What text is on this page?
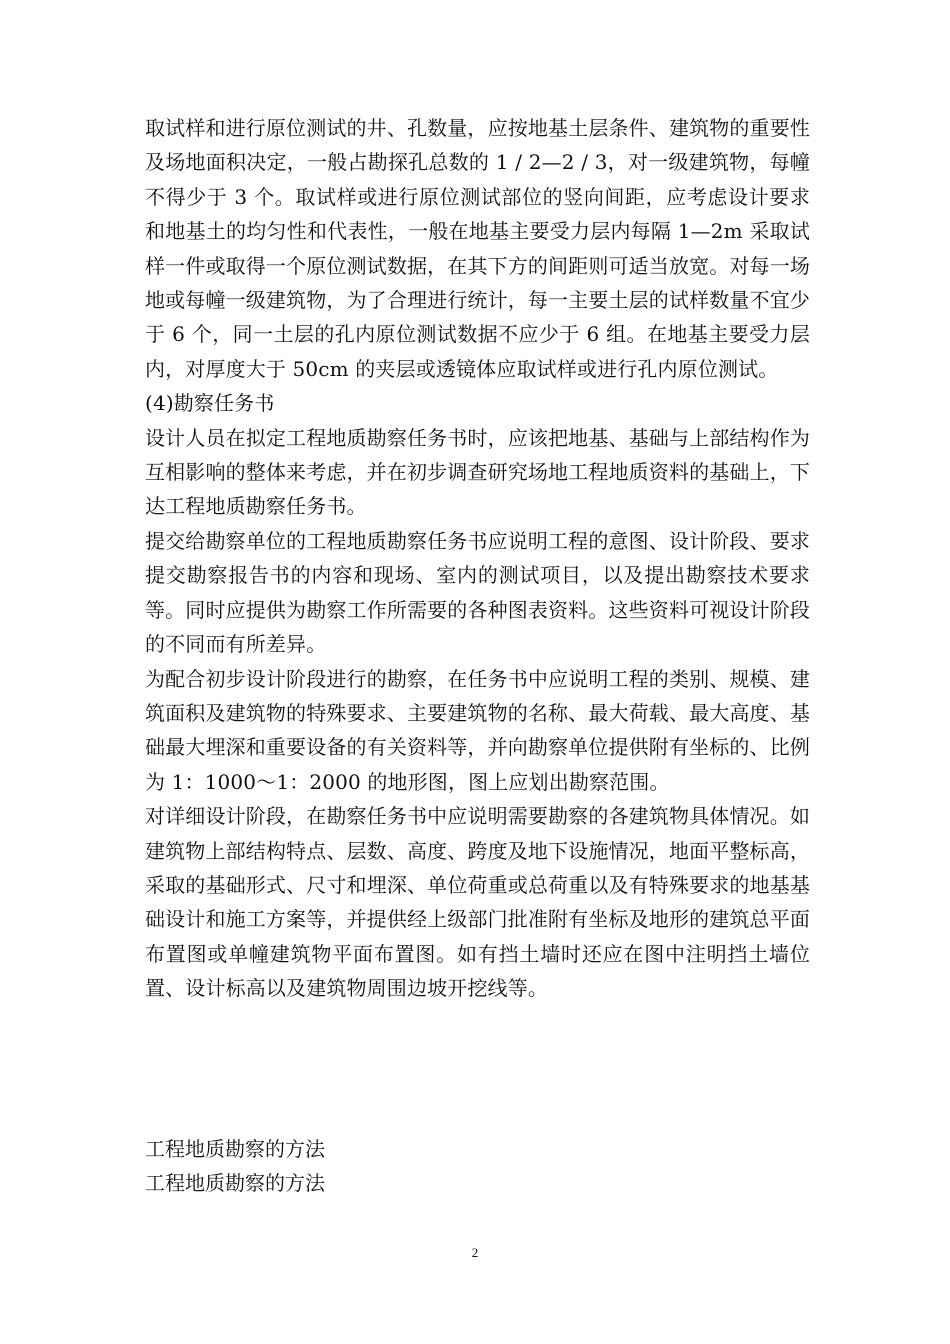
取试样和进行原位测试的井、孔数量，应按地基土层条件、建筑物的重要性及场地面积决定，一般占勘探孔总数的 1 / 2—2 / 3，对一级建筑物，每幢不得少于 3 个。取试样或进行原位测试部位的竖向间距，应考虑设计要求和地基土的均匀性和代表性，一般在地基主要受力层内每隔 1—2m 采取试样一件或取得一个原位测试数据，在其下方的间距则可适当放宽。对每一场地或每幢一级建筑物，为了合理进行统计，每一主要土层的试样数量不宜少于 6 个，同一土层的孔内原位测试数据不应少于 6 组。在地基主要受力层内，对厚度大于 50cm 的夹层或透镜体应取试样或进行孔内原位测试。

(4)勘察任务书

设计人员在拟定工程地质勘察任务书时，应该把地基、基础与上部结构作为互相影响的整体来考虑，并在初步调查研究场地工程地质资料的基础上，下达工程地质勘察任务书。

提交给勘察单位的工程地质勘察任务书应说明工程的意图、设计阶段、要求提交勘察报告书的内容和现场、室内的测试项目，以及提出勘察技术要求等。同时应提供为勘察工作所需要的各种图表资料。这些资料可视设计阶段的不同而有所差异。

为配合初步设计阶段进行的勘察，在任务书中应说明工程的类别、规模、建筑面积及建筑物的特殊要求、主要建筑物的名称、最大荷载、最大高度、基础最大埋深和重要设备的有关资料等，并向勘察单位提供附有坐标的、比例为 1：1000～1：2000 的地形图，图上应划出勘察范围。

对详细设计阶段，在勘察任务书中应说明需要勘察的各建筑物具体情况。如建筑物上部结构特点、层数、高度、跨度及地下设施情况，地面平整标高，采取的基础形式、尺寸和埋深、单位荷重或总荷重以及有特殊要求的地基基础设计和施工方案等，并提供经上级部门批准附有坐标及地形的建筑总平面布置图或单幢建筑物平面布置图。如有挡土墙时还应在图中注明挡土墙位置、设计标高以及建筑物周围边坡开挖线等。

工程地质勘察的方法

工程地质勘察的方法

2
